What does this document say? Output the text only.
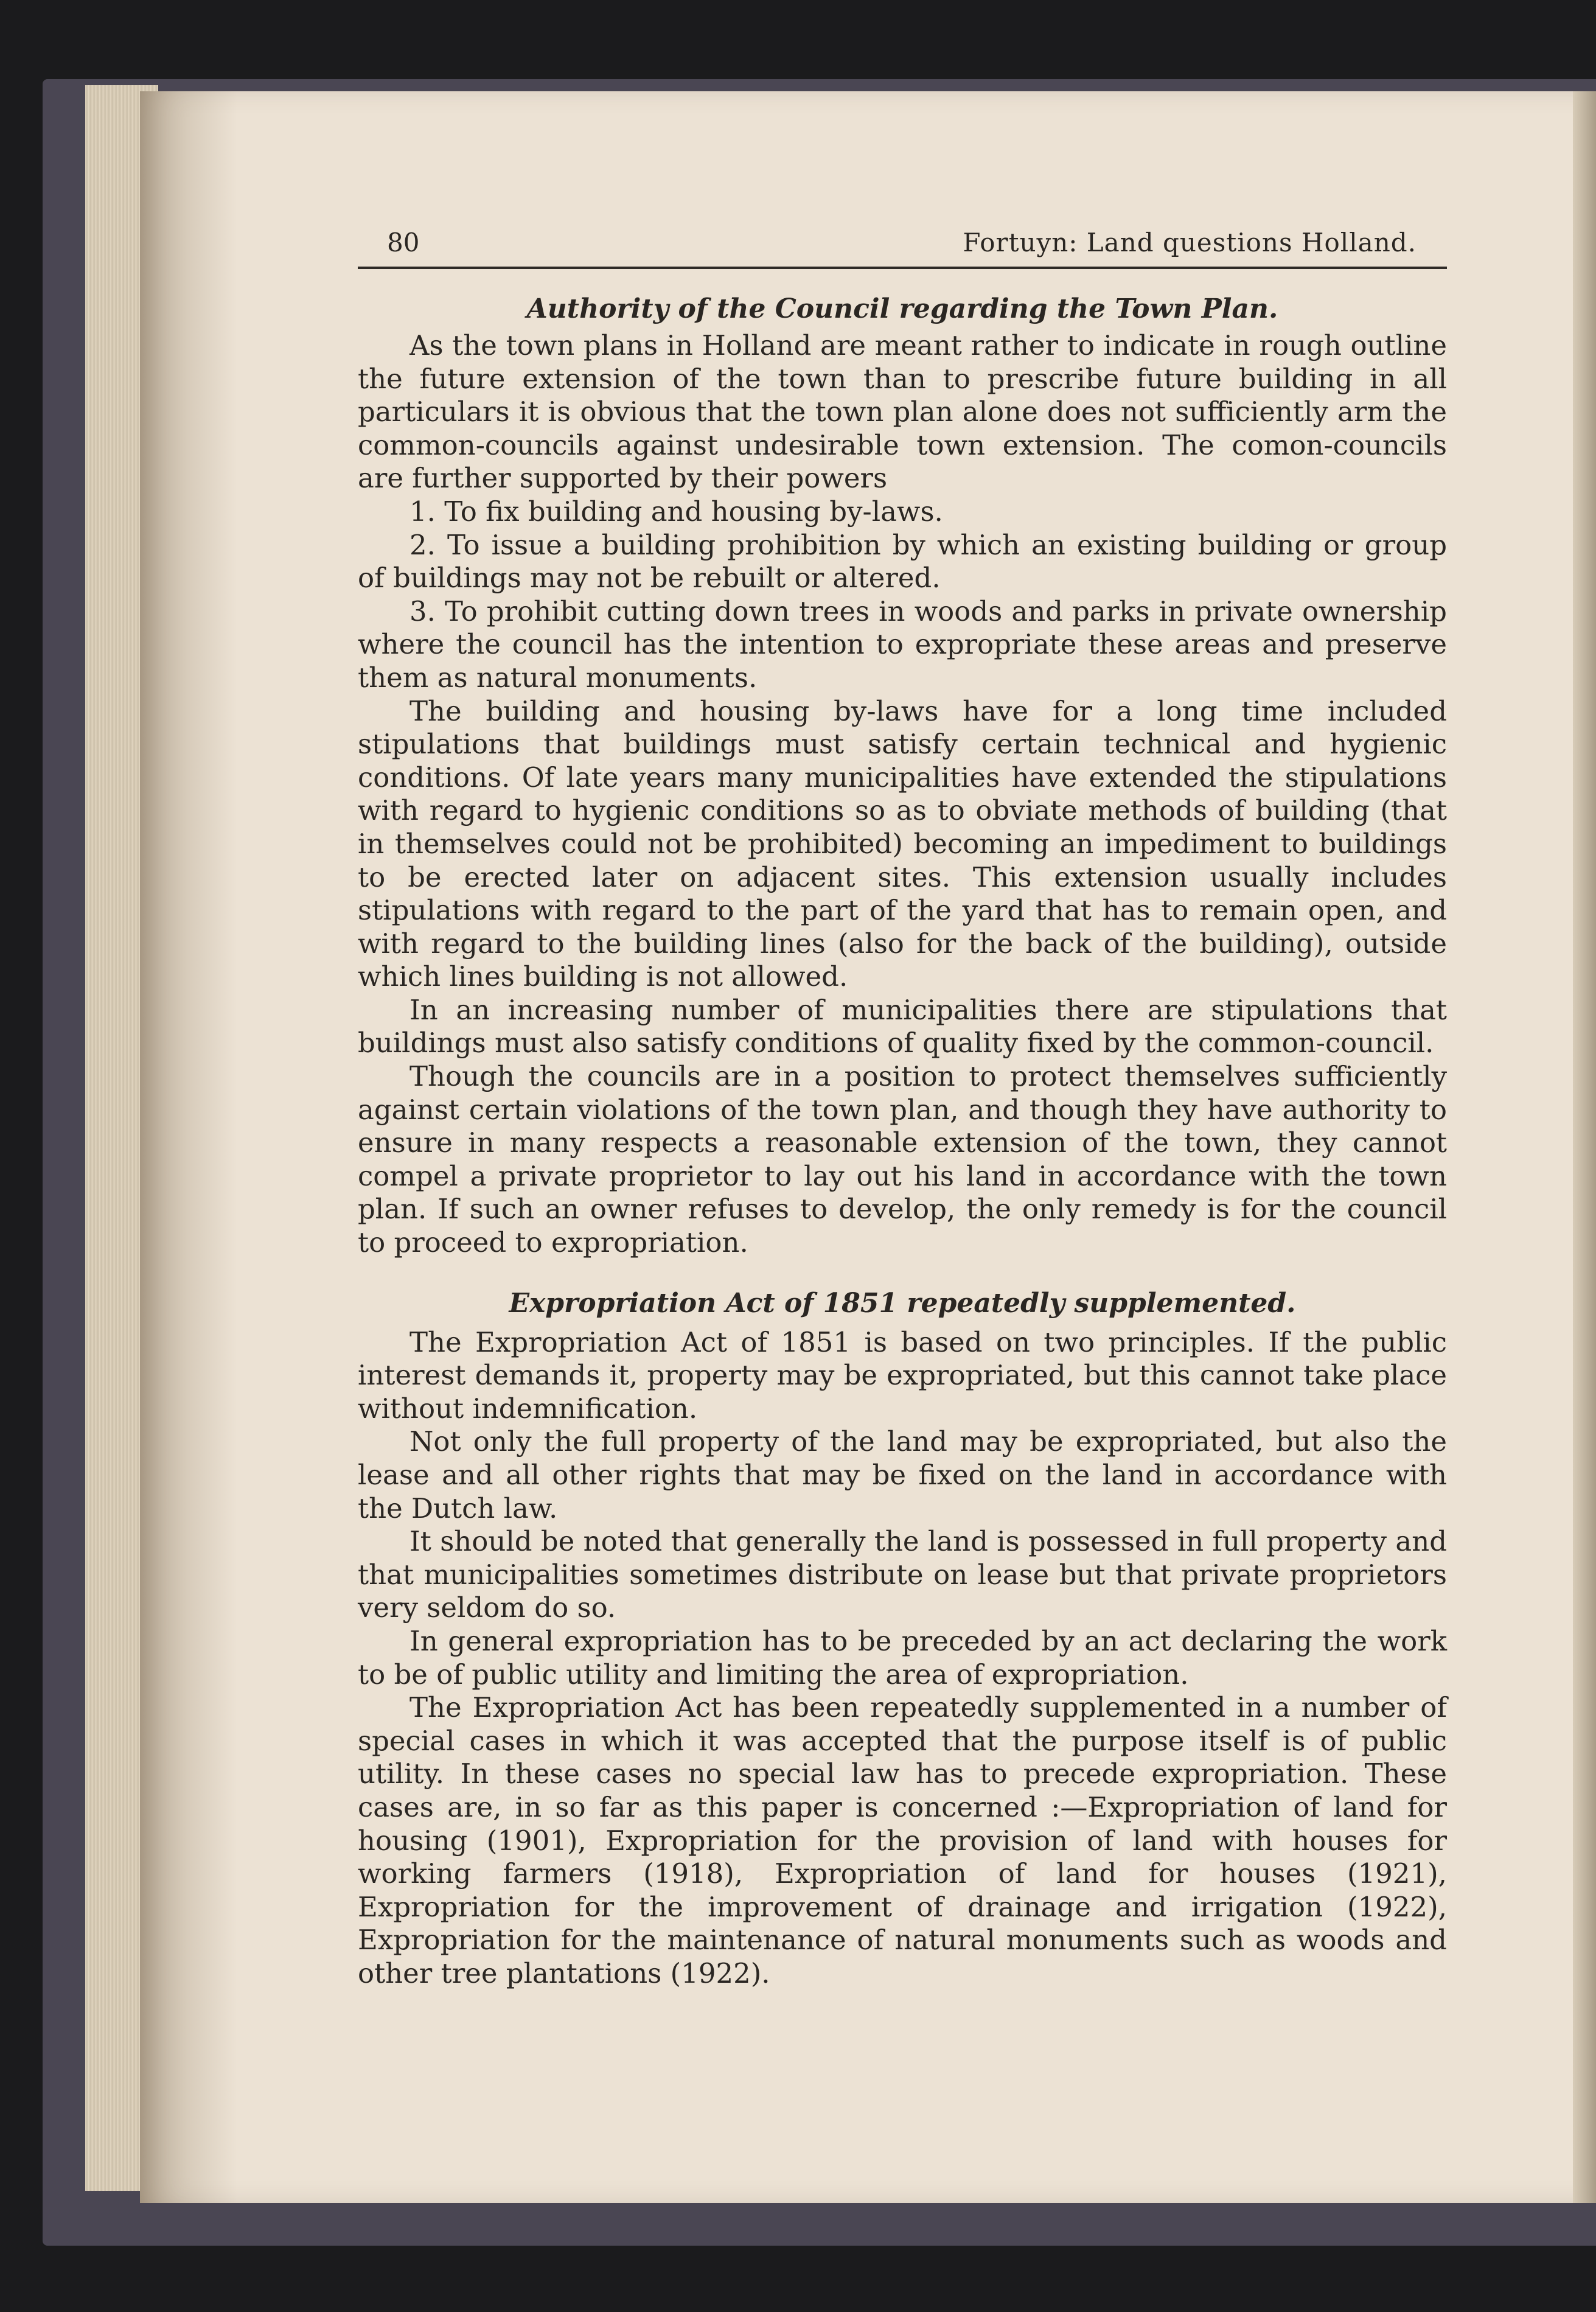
80	Fortuyn: Land questions Holland.
Authority of the Council regarding the Town Plan.

As the town plans in Holland are meant rather to indicate in rough outline the future extension of the town than to prescribe future building in all particulars it is obvious that the town plan alone does not sufficiently arm the common-councils against undesirable town extension. The comon-councils are further supported by their powers

1. To fix building and housing by-laws.

2. To issue a building prohibition by which an existing building or group of buildings may not be rebuilt or altered.

3. To prohibit cutting down trees in woods and parks in private ownership where the council has the intention to expropriate these areas and preserve them as natural monuments.

The building and housing by-laws have for a long time included stipulations that buildings must satisfy certain technical and hygienic conditions. Of late years many municipalities have extended the stipulations with regard to hygienic conditions so as to obviate methods of building (that in themselves could not be prohibited) becoming an impediment to buildings to be erected later on adjacent sites. This extension usually includes stipulations with regard to the part of the yard that has to remain open, and with regard to the building lines (also for the back of the building), outside which lines building is not allowed.

In an increasing number of municipalities there are stipulations that buildings must also satisfy conditions of quality fixed by the common-council.

Though the councils are in a position to protect themselves sufficiently against certain violations of the town plan, and though they have authority to ensure in many respects a reasonable extension of the town, they cannot compel a private proprietor to lay out his land in accordance with the town plan. If such an owner refuses to develop, the only remedy is for the council to proceed to expropriation.

Expropriation Act of 1851 repeatedly supplemented.

The Expropriation Act of 1851 is based on two principles. If the public interest demands it, property may be expropriated, but this cannot take place without indemnification.

Not only the full property of the land may be expropriated, but also the lease and all other rights that may be fixed on the land in accordance with the Dutch law.

It should be noted that generally the land is possessed in full property and that municipalities sometimes distribute on lease but that private proprietors very seldom do so.

In general expropriation has to be preceded by an act declaring the work to be of public utility and limiting the area of expropriation.

The Expropriation Act has been repeatedly supplemented in a number of special cases in which it was accepted that the purpose itself is of public utility. In these cases no special law has to precede expropriation. These cases are, in so far as this paper is concerned :—Expropriation of land for housing (1901), Expropriation for the provision of land with houses for working farmers (1918), Expropriation of land for houses (1921), Expropriation for the improvement of drainage and irrigation (1922), Expropriation for the maintenance of natural monuments such as woods and other tree plantations (1922).
